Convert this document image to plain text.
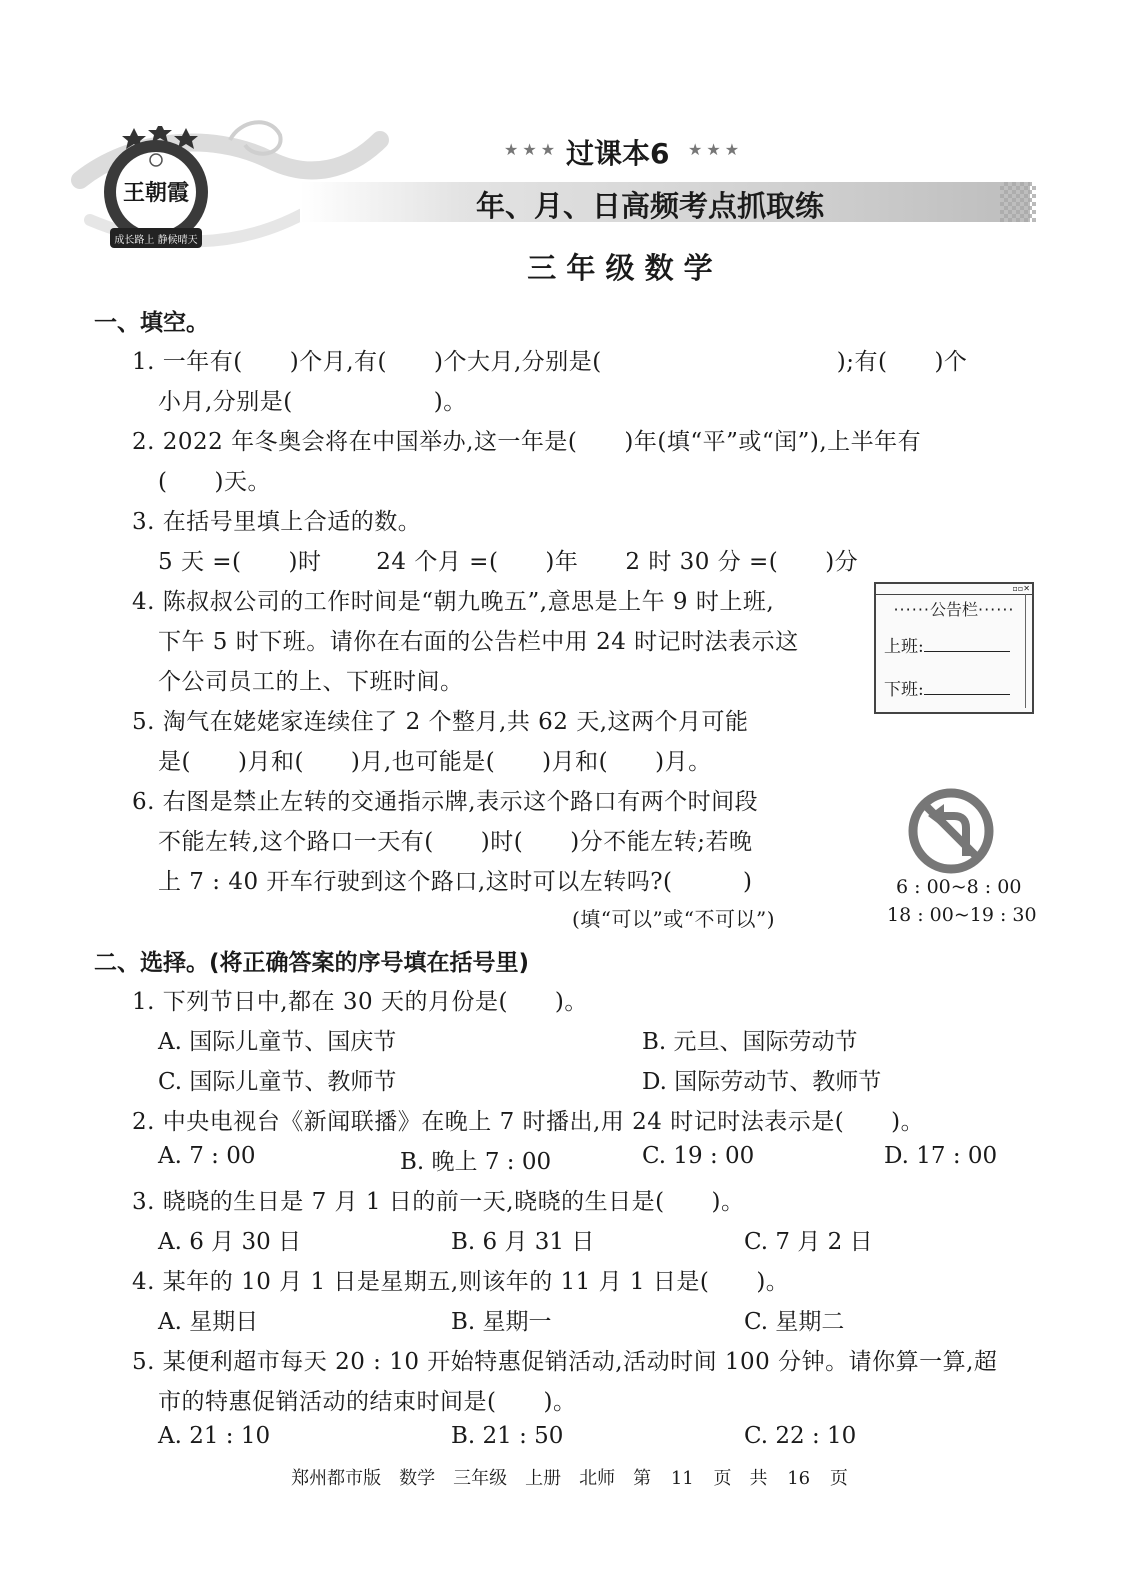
王朝霞
成长路上 静候晴天
★★★ 过课本6 ★★★
年、月、日高频考点抓取练
三 年 级 数 学
一、填空。
1. 一年有(　　)个月,有(　　)个大月,分别是(　　　　　　　　　　);有(　　)个
小月,分别是(　　　　　　)。
2. 2022 年冬奥会将在中国举办,这一年是(　　)年(填“平”或“闰”),上半年有
(　　)天。
3. 在括号里填上合适的数。
5 天 =(　　)时　　 24 个月 =(　　)年　　2 时 30 分 =(　　)分
4. 陈叔叔公司的工作时间是“朝九晚五”,意思是上午 9 时上班,
下午 5 时下班。请你在右面的公告栏中用 24 时记时法表示这
个公司员工的上、下班时间。
5. 淘气在姥姥家连续住了 2 个整月,共 62 天,这两个月可能
是(　　)月和(　　)月,也可能是(　　)月和(　　)月。
6. 右图是禁止左转的交通指示牌,表示这个路口有两个时间段
不能左转,这个路口一天有(　　)时(　　)分不能左转;若晚
上 7 : 40 开车行驶到这个路口,这时可以左转吗?(　　　)
(填“可以”或“不可以”)
▫▫✕
······公告栏······
上班:
下班:
6 : 00~8 : 00
18 : 00~19 : 30
二、选择。(将正确答案的序号填在括号里)
1. 下列节日中,都在 30 天的月份是(　　)。
A. 国际儿童节、国庆节	B. 元旦、国际劳动节
C. 国际儿童节、教师节	D. 国际劳动节、教师节
2. 中央电视台《新闻联播》在晚上 7 时播出,用 24 时记时法表示是(　　)。
A. 7 : 00	B. 晚上 7 : 00	C. 19 : 00	D. 17 : 00
3. 晓晓的生日是 7 月 1 日的前一天,晓晓的生日是(　　)。
A. 6 月 30 日	B. 6 月 31 日	C. 7 月 2 日
4. 某年的 10 月 1 日是星期五,则该年的 11 月 1 日是(　　)。
A. 星期日	B. 星期一	C. 星期二
5. 某便利超市每天 20 : 10 开始特惠促销活动,活动时间 100 分钟。请你算一算,超
市的特惠促销活动的结束时间是(　　)。
A. 21 : 10	B. 21 : 50	C. 22 : 10
郑州都市版　数学　三年级　上册　北师　第 11 页　共 16 页
